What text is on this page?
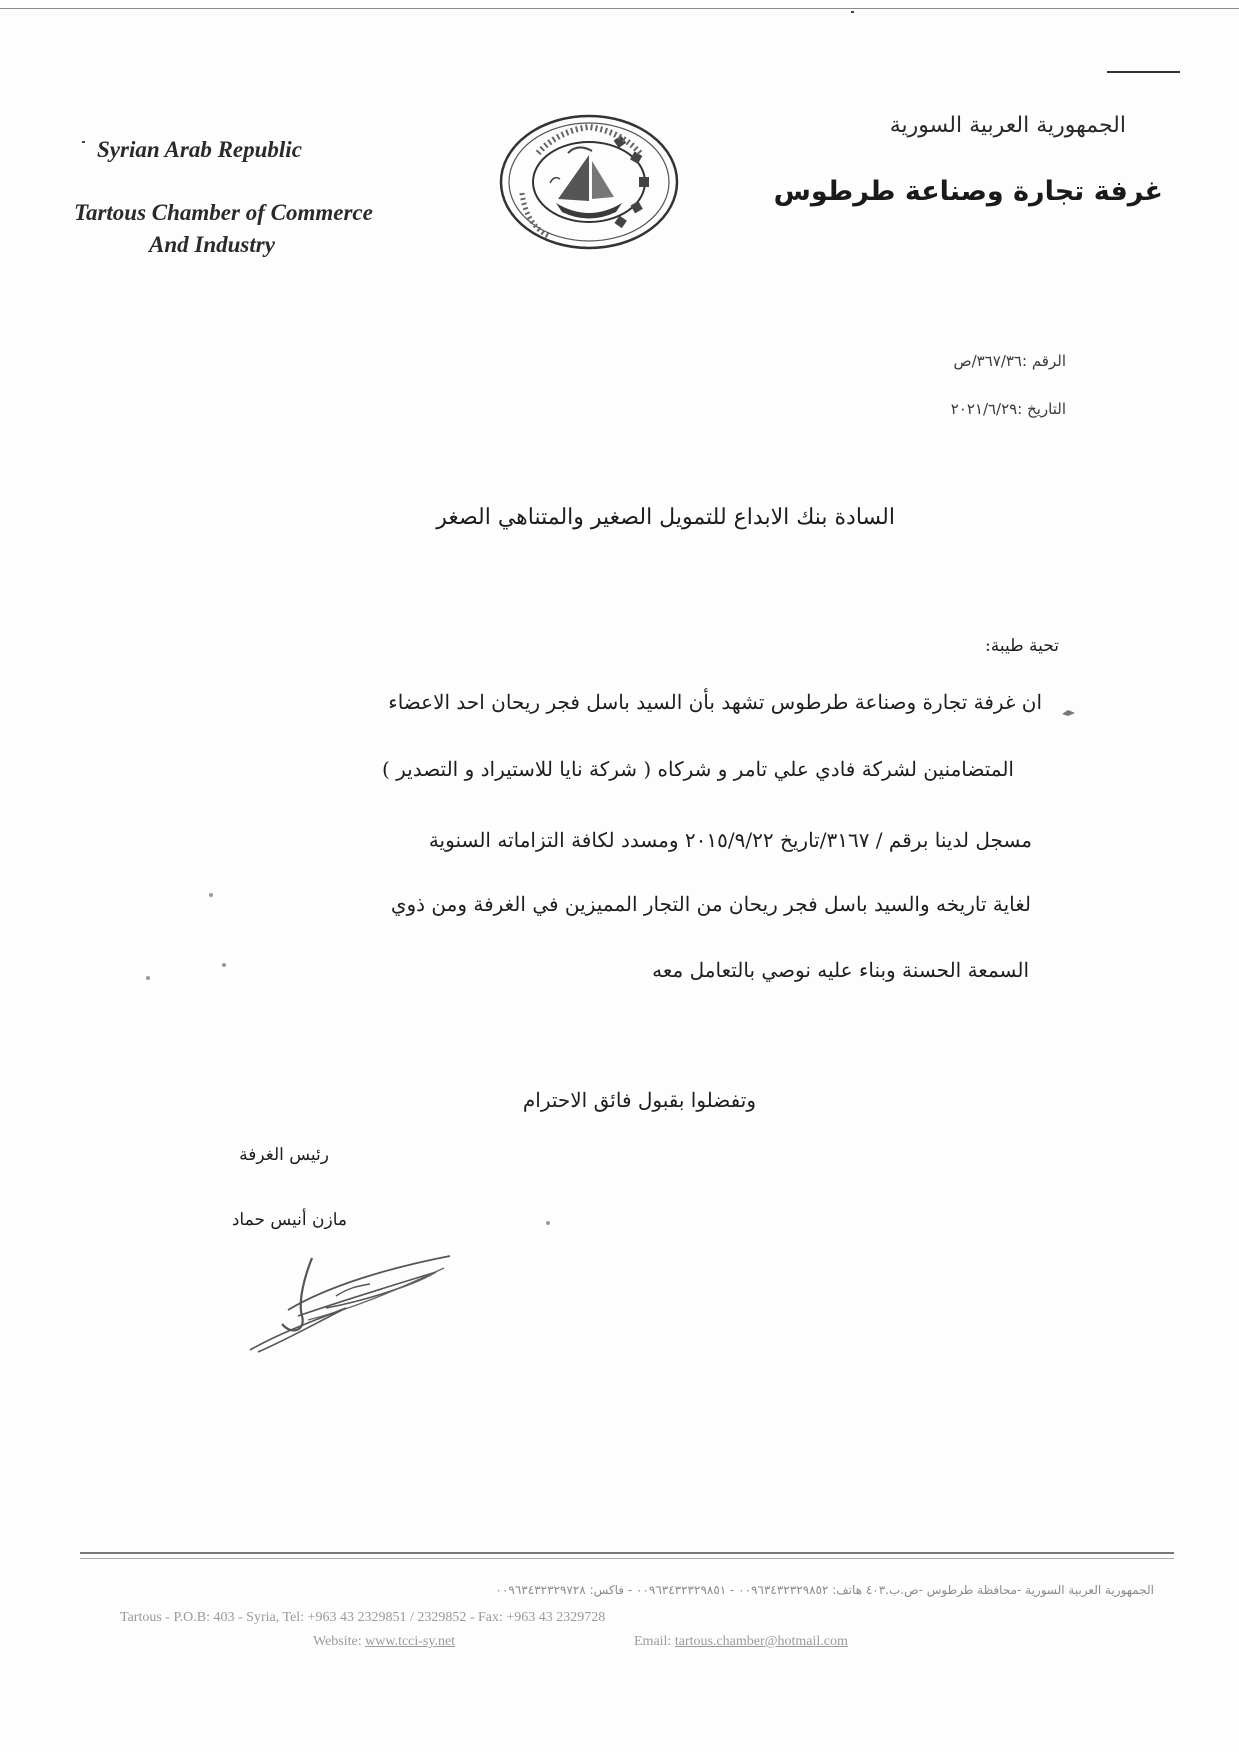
Syrian Arab Republic
Tartous Chamber of Commerce
And Industry
الجمهورية العربية السورية
غرفة تجارة وصناعة طرطوس
الرقم :٣٦٧/٣٦/ص
التاريخ :٢٠٢١/٦/٢٩
السادة بنك الابداع للتمويل الصغير والمتناهي الصغر
تحية طيبة:
ان غرفة تجارة وصناعة طرطوس تشهد بأن السيد باسل فجر ريحان احد الاعضاء
المتضامنين لشركة فادي علي تامر و شركاه ( شركة نايا للاستيراد و التصدير )
مسجل لدينا برقم / ٣١٦٧/تاريخ ٢٠١٥/٩/٢٢ ومسدد لكافة التزاماته السنوية
لغاية تاريخه والسيد باسل فجر ريحان من التجار المميزين في الغرفة ومن ذوي
السمعة الحسنة وبناء عليه نوصي بالتعامل معه
وتفضلوا بقبول فائق الاحترام
رئيس الغرفة
مازن أنيس حماد
الجمهورية العربية السورية -محافظة طرطوس -ص.ب.٤٠٣ هاتف: ٠٠٩٦٣٤٣٢٣٢٩٨٥٢ - ٠٠٩٦٣٤٣٢٣٢٩٨٥١ - فاكس: ٠٠٩٦٣٤٣٢٣٢٩٧٢٨
Tartous - P.O.B: 403 - Syria, Tel: +963 43 2329851 / 2329852 - Fax: +963 43 2329728
Website: www.tcci-sy.net	Email: tartous.chamber@hotmail.com
